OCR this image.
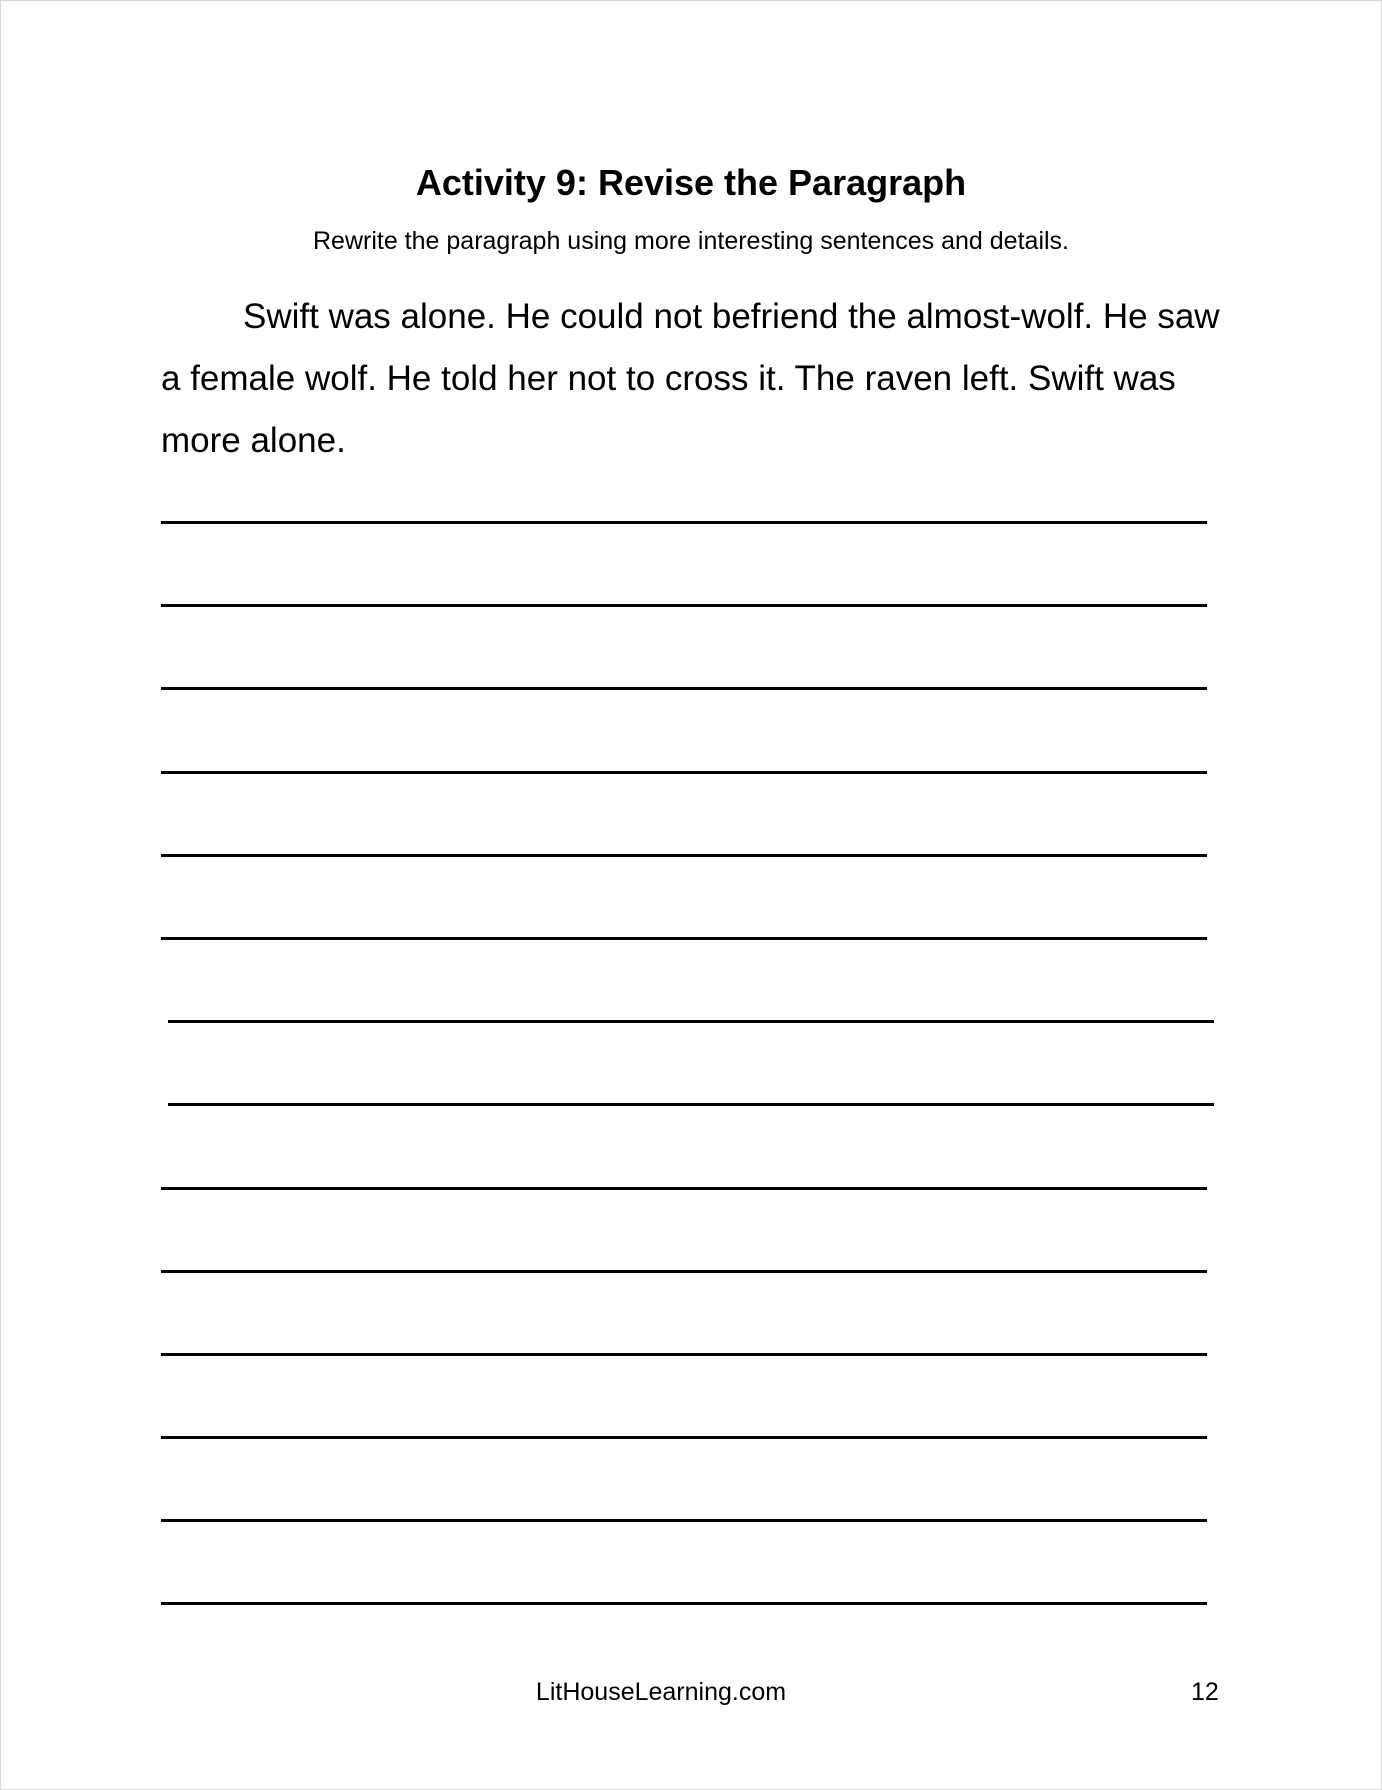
Activity 9: Revise the Paragraph
Rewrite the paragraph using more interesting sentences and details.

Swift was alone. He could not befriend the almost-wolf. He saw a female wolf. He told her not to cross it. The raven left. Swift was more alone.

LitHouseLearning.com	12
